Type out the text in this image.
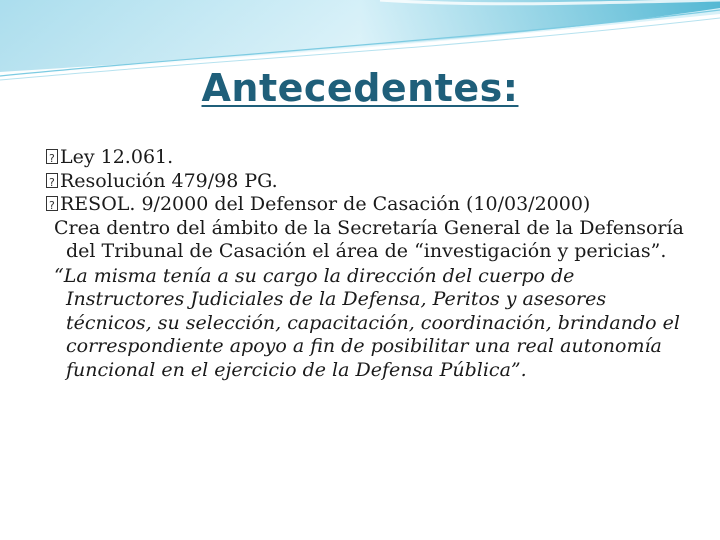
Antecedentes:
?Ley 12.061.
?Resolución 479/98 PG.
?RESOL. 9/2000 del Defensor de Casación (10/03/2000)
Crea dentro del ámbito de la Secretaría General de la Defensoría del Tribunal de Casación el área de “investigación y pericias”.
“La misma tenía a su cargo la dirección del cuerpo de Instructores Judiciales de la Defensa, Peritos y asesores técnicos, su selección, capacitación, coordinación, brindando el correspondiente apoyo a fin de posibilitar una real autonomía funcional en el ejercicio de la Defensa Pública”.
